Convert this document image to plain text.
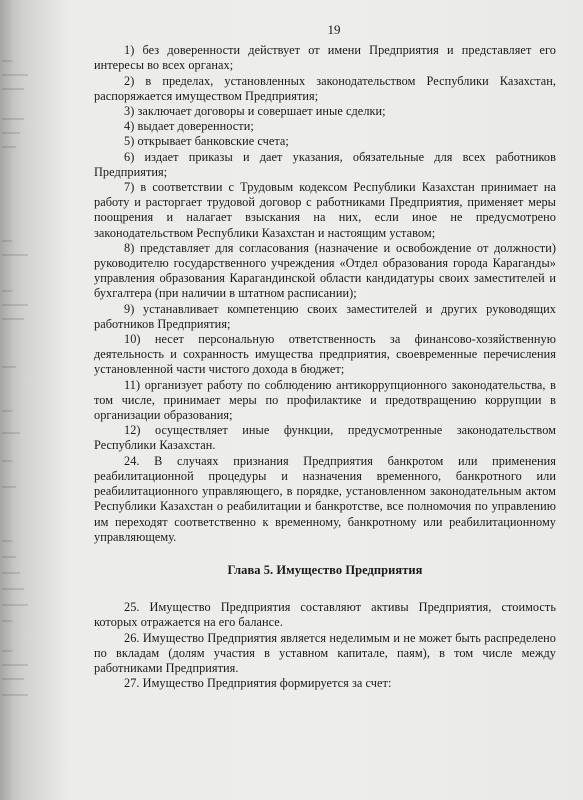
19

1) без доверенности действует от имени Предприятия и представляет его интересы во всех органах;

2) в пределах, установленных законодательством Республики Казахстан, распоряжается имуществом Предприятия;

3) заключает договоры и совершает иные сделки;

4) выдает доверенности;

5) открывает банковские счета;

6) издает приказы и дает указания, обязательные для всех работников Предприятия;

7) в соответствии с Трудовым кодексом Республики Казахстан принимает на работу и расторгает трудовой договор с работниками Предприятия, применяет меры поощрения и налагает взыскания на них, если иное не предусмотрено законодательством Республики Казахстан и настоящим уставом;

8) представляет для согласования (назначение и освобождение от должности) руководителю государственного учреждения «Отдел образования города Караганды» управления образования Карагандинской области кандидатуры своих заместителей и бухгалтера (при наличии в штатном расписании);

9) устанавливает компетенцию своих заместителей и других руководящих работников Предприятия;

10) несет персональную ответственность за финансово-хозяйственную деятельность и сохранность имущества предприятия, своевременные перечисления установленной части чистого дохода в бюджет;

11) организует работу по соблюдению антикоррупционного законодательства, в том числе, принимает меры по профилактике и предотвращению коррупции в организации образования;

12) осуществляет иные функции, предусмотренные законодательством Республики Казахстан.

24. В случаях признания Предприятия банкротом или применения реабилитационной процедуры и назначения временного, банкротного или реабилитационного управляющего, в порядке, установленном законодательным актом Республики Казахстан о реабилитации и банкротстве, все полномочия по управлению им переходят соответственно к временному, банкротному или реабилитационному управляющему.

Глава 5. Имущество Предприятия

25. Имущество Предприятия составляют активы Предприятия, стоимость которых отражается на его балансе.

26. Имущество Предприятия является неделимым и не может быть распределено по вкладам (долям участия в уставном капитале, паям), в том числе между работниками Предприятия.

27. Имущество Предприятия формируется за счет:
